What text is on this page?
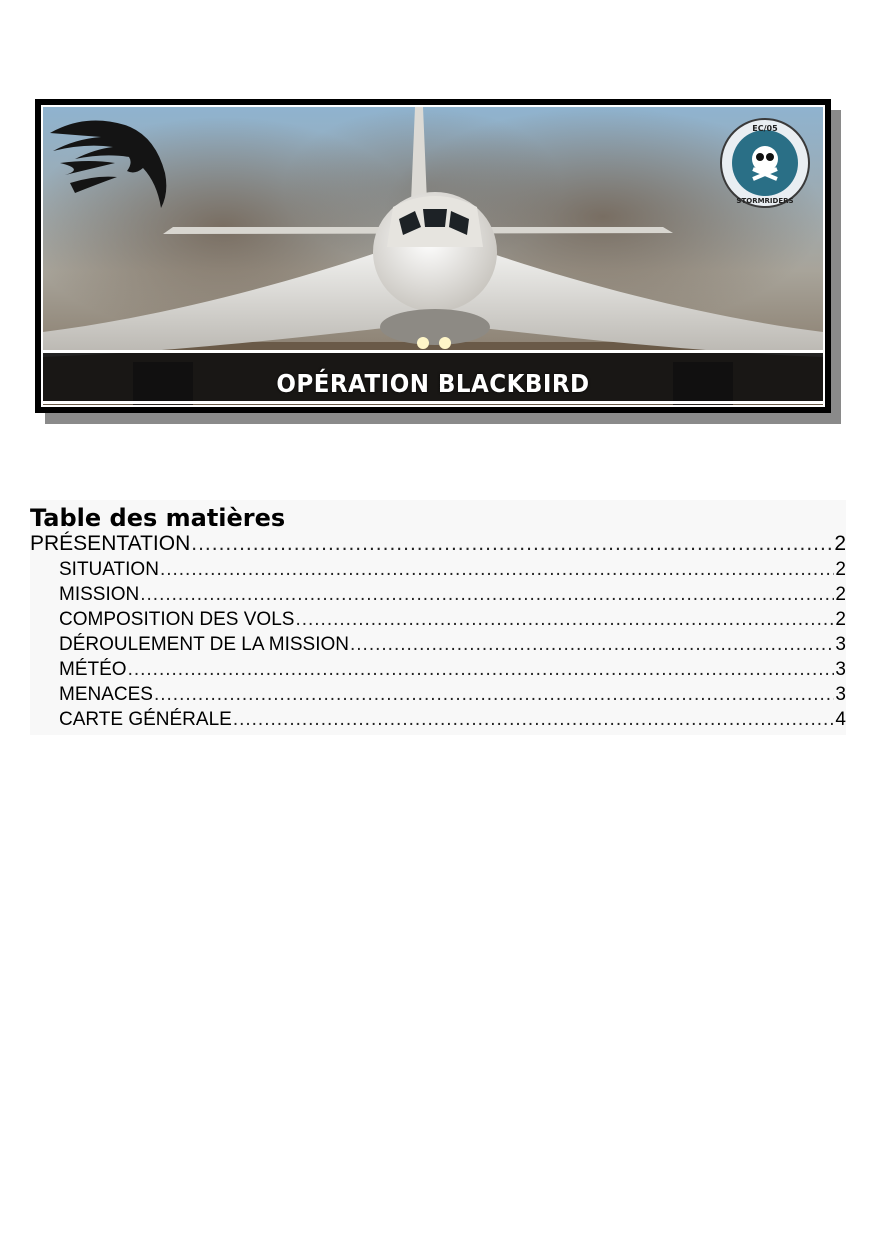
EC/05
STORMRIDERS
OPÉRATION BLACKBIRD
Table des matières
PRÉSENTATION .....	2
SITUATION .....	2
MISSION .....	2
COMPOSITION DES VOLS .....	2
DÉROULEMENT DE LA MISSION .....	3
MÉTÉO .....	3
MENACES .....	3
CARTE GÉNÉRALE .....	4
